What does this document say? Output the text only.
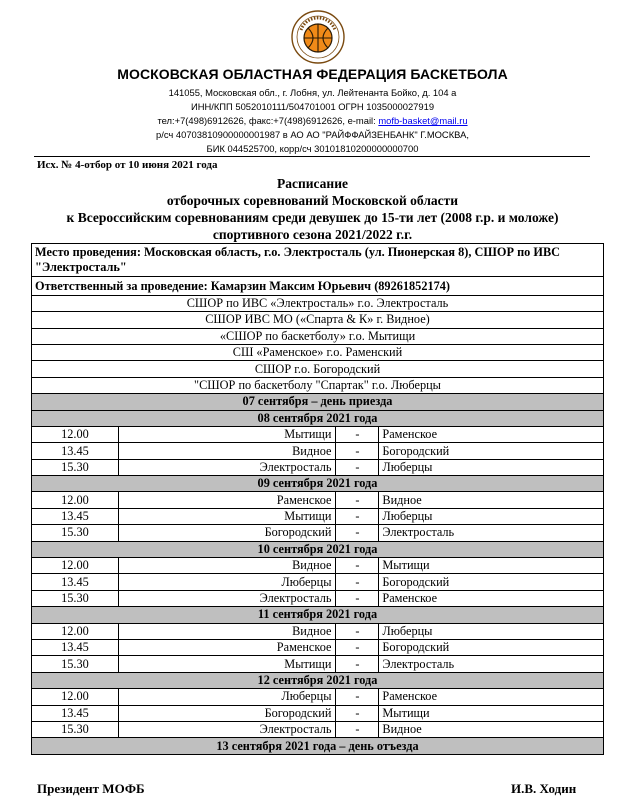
МОСКОВСКАЯ ОБЛАСТНАЯ ФЕДЕРАЦИЯ БАСКЕТБОЛА
141055, Московская обл., г. Лобня, ул. Лейтенанта Бойко, д. 104 а
ИНН/КПП 5052010111/504701001 ОГРН 1035000027919
тел:+7(498)6912626, факс:+7(498)6912626, e-mail: mofb-basket@mail.ru
р/сч 40703810900000001987 в АО АО "РАЙФФАЙЗЕНБАНК" Г.МОСКВА,
БИК 044525700, корр/сч 30101810200000000700
Исх. № 4-отбор от 10 июня 2021 года
Расписание
отборочных соревнований Московской области
к Всероссийским соревнованиям среди девушек до 15-ти лет (2008 г.р. и моложе)
спортивного сезона 2021/2022 г.г.
Место проведения: Московская область, г.о. Электросталь (ул. Пионерская 8), СШОР по ИВС "Электросталь"			
Ответственный за проведение: Камарзин Максим Юрьевич (89261852174)			
СШОР по ИВС «Электросталь» г.о. Электросталь			
СШОР ИВС МО («Спарта & К» г. Видное)			
«СШОР по баскетболу» г.о. Мытищи			
СШ «Раменское» г.о. Раменский			
СШОР г.о. Богородский			
"СШОР по баскетболу "Спартак" г.о. Люберцы			
07 сентября – день приезда			
08 сентября 2021 года			
12.00	Мытищи	-	Раменское
13.45	Видное	-	Богородский
15.30	Электросталь	-	Люберцы
09 сентября 2021 года			
12.00	Раменское	-	Видное
13.45	Мытищи	-	Люберцы
15.30	Богородский	-	Электросталь
10 сентября 2021 года			
12.00	Видное	-	Мытищи
13.45	Люберцы	-	Богородский
15.30	Электросталь	-	Раменское
11 сентября 2021 года			
12.00	Видное	-	Люберцы
13.45	Раменское	-	Богородский
15.30	Мытищи	-	Электросталь
12 сентября 2021 года			
12.00	Люберцы	-	Раменское
13.45	Богородский	-	Мытищи
15.30	Электросталь	-	Видное
13 сентября 2021 года – день отъезда			
Президент МОФБ	И.В. Ходин
